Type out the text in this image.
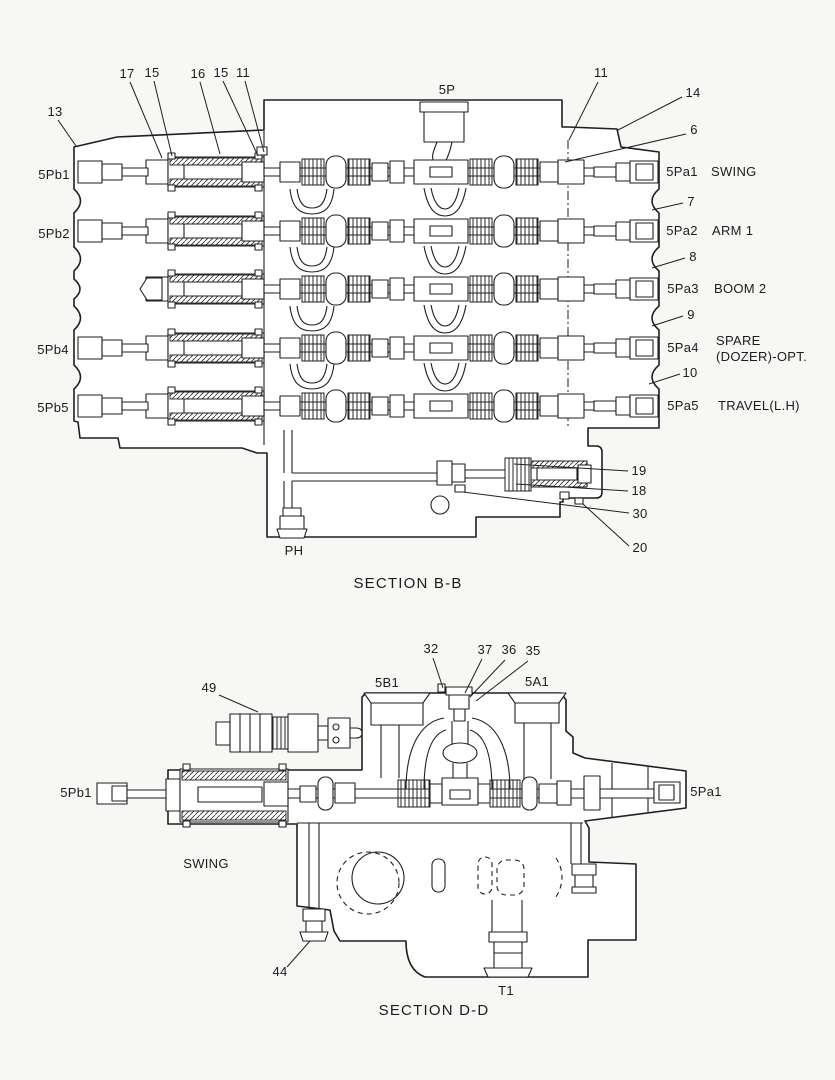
13
17 15 16 15 11	11
14
6
7
8
9
10
19
18
30
20
5P
5Pb1
5Pb2
5Pb4
5Pb5
5Pa1
5Pa2
5Pa3
5Pa4
5Pa5
PH
SWING
ARM 1
BOOM 2
SPARE
(DOZER)-OPT.
TRAVEL(L.H)
SECTION B-B
49
32	37 36 35
44
5B1	5A1
5Pb1	5Pa1
SWING
T1
SECTION D-D
